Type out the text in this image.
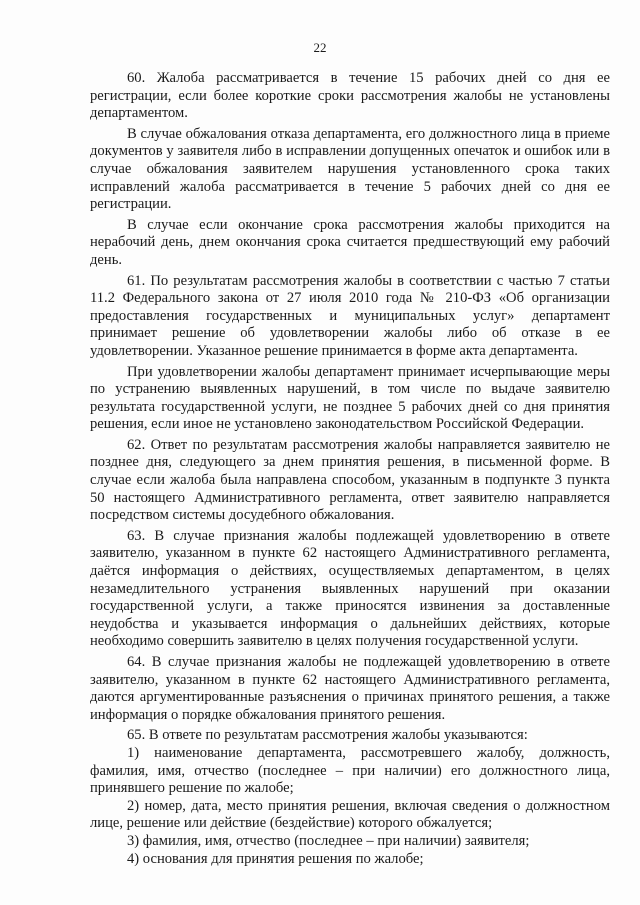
22

60. Жалоба рассматривается в течение 15 рабочих дней со дня ее регистрации, если более короткие сроки рассмотрения жалобы не установлены департаментом.

В случае обжалования отказа департамента, его должностного лица в приеме документов у заявителя либо в исправлении допущенных опечаток и ошибок или в случае обжалования заявителем нарушения установленного срока таких исправлений жалоба рассматривается в течение 5 рабочих дней со дня ее регистрации.

В случае если окончание срока рассмотрения жалобы приходится на нерабочий день, днем окончания срока считается предшествующий ему рабочий день.

61. По результатам рассмотрения жалобы в соответствии с частью 7 статьи 11.2 Федерального закона от 27 июля 2010 года № 210-ФЗ «Об организации предоставления государственных и муниципальных услуг» департамент принимает решение об удовлетворении жалобы либо об отказе в ее удовлетворении. Указанное решение принимается в форме акта департамента.

При удовлетворении жалобы департамент принимает исчерпывающие меры по устранению выявленных нарушений, в том числе по выдаче заявителю результата государственной услуги, не позднее 5 рабочих дней со дня принятия решения, если иное не установлено законодательством Российской Федерации.

62. Ответ по результатам рассмотрения жалобы направляется заявителю не позднее дня, следующего за днем принятия решения, в письменной форме. В случае если жалоба была направлена способом, указанным в подпункте 3 пункта 50 настоящего Административного регламента, ответ заявителю направляется посредством системы досудебного обжалования.

63. В случае признания жалобы подлежащей удовлетворению в ответе заявителю, указанном в пункте 62 настоящего Административного регламента, даётся информация о действиях, осуществляемых департаментом, в целях незамедлительного устранения выявленных нарушений при оказании государственной услуги, а также приносятся извинения за доставленные неудобства и указывается информация о дальнейших действиях, которые необходимо совершить заявителю в целях получения государственной услуги.

64. В случае признания жалобы не подлежащей удовлетворению в ответе заявителю, указанном в пункте 62 настоящего Административного регламента, даются аргументированные разъяснения о причинах принятого решения, а также информация о порядке обжалования принятого решения.

65. В ответе по результатам рассмотрения жалобы указываются:

1) наименование департамента, рассмотревшего жалобу, должность, фамилия, имя, отчество (последнее – при наличии) его должностного лица, принявшего решение по жалобе;

2) номер, дата, место принятия решения, включая сведения о должностном лице, решение или действие (бездействие) которого обжалуется;

3) фамилия, имя, отчество (последнее – при наличии) заявителя;

4) основания для принятия решения по жалобе;
